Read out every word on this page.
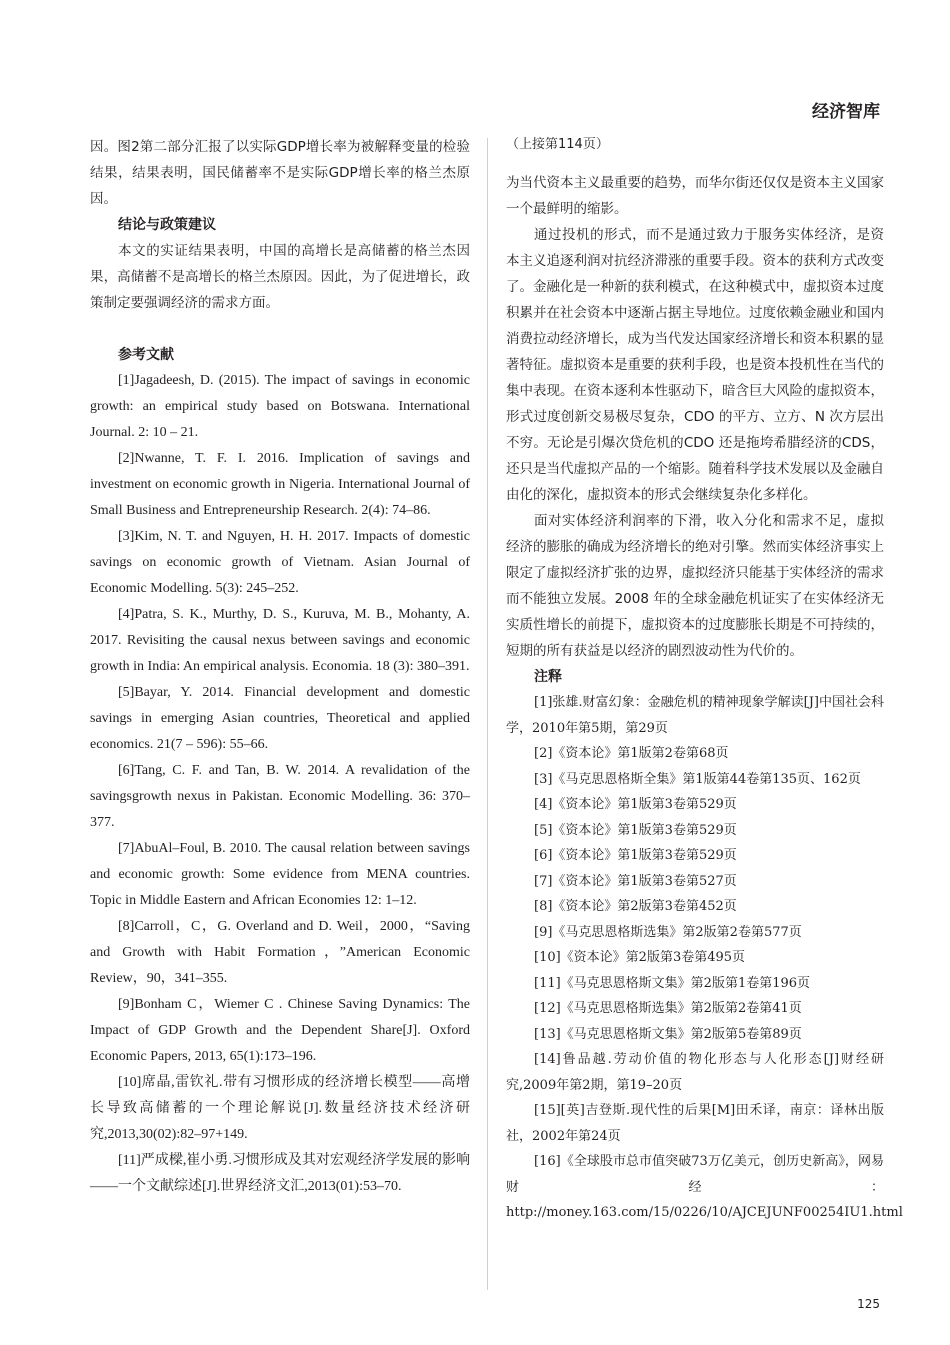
经济智库

因。图2第二部分汇报了以实际GDP增长率为被解释变量的检验结果，结果表明，国民储蓄率不是实际GDP增长率的格兰杰原因。

结论与政策建议

本文的实证结果表明，中国的高增长是高储蓄的格兰杰因果，高储蓄不是高增长的格兰杰原因。因此，为了促进增长，政策制定要强调经济的需求方面。

参考文献

[1]Jagadeesh, D. (2015). The impact of savings in economic growth: an empirical study based on Botswana. International Journal. 2: 10 – 21.

[2]Nwanne, T. F. I. 2016. Implication of savings and investment on economic growth in Nigeria. International Journal of Small Business and Entrepreneurship Research. 2(4): 74–86.

[3]Kim, N. T. and Nguyen, H. H. 2017. Impacts of domestic savings on economic growth of Vietnam. Asian Journal of Economic Modelling. 5(3): 245–252.

[4]Patra, S. K., Murthy, D. S., Kuruva, M. B., Mohanty, A. 2017. Revisiting the causal nexus between savings and economic growth in India: An empirical analysis. Economia. 18 (3): 380–391.

[5]Bayar, Y. 2014. Financial development and domestic savings in emerging Asian countries, Theoretical and applied economics. 21(7 – 596): 55–66.

[6]Tang, C. F. and Tan, B. W. 2014. A revalidation of the savingsgrowth nexus in Pakistan. Economic Modelling. 36: 370–377.

[7]AbuAl–Foul, B. 2010. The causal relation between savings and economic growth: Some evidence from MENA countries. Topic in Middle Eastern and African Economies 12: 1–12.

[8]Carroll，C，G. Overland and D. Weil，2000，“Saving and Growth with Habit Formation，”American Economic Review，90，341–355.

[9]Bonham C，Wiemer C . Chinese Saving Dynamics: The Impact of GDP Growth and the Dependent Share[J]. Oxford Economic Papers, 2013, 65(1):173–196.

[10]席晶,雷钦礼.带有习惯形成的经济增长模型——高增长导致高储蓄的一个理论解说[J].数量经济技术经济研究,2013,30(02):82–97+149.

[11]严成樑,崔小勇.习惯形成及其对宏观经济学发展的影响——一个文献综述[J].世界经济文汇,2013(01):53–70.

（上接第114页）

为当代资本主义最重要的趋势，而华尔街还仅仅是资本主义国家一个最鲜明的缩影。

通过投机的形式，而不是通过致力于服务实体经济，是资本主义追逐利润对抗经济滞涨的重要手段。资本的获利方式改变了。金融化是一种新的获利模式，在这种模式中，虚拟资本过度积累并在社会资本中逐渐占据主导地位。过度依赖金融业和国内消费拉动经济增长，成为当代发达国家经济增长和资本积累的显著特征。虚拟资本是重要的获利手段，也是资本投机性在当代的集中表现。在资本逐利本性驱动下，暗含巨大风险的虚拟资本，形式过度创新交易极尽复杂，CDO 的平方、立方、N 次方层出不穷。无论是引爆次贷危机的CDO 还是拖垮希腊经济的CDS，还只是当代虚拟产品的一个缩影。随着科学技术发展以及金融自由化的深化，虚拟资本的形式会继续复杂化多样化。

面对实体经济利润率的下滑，收入分化和需求不足，虚拟经济的膨胀的确成为经济增长的绝对引擎。然而实体经济事实上限定了虚拟经济扩张的边界，虚拟经济只能基于实体经济的需求而不能独立发展。2008 年的全球金融危机证实了在实体经济无实质性增长的前提下，虚拟资本的过度膨胀长期是不可持续的，短期的所有获益是以经济的剧烈波动性为代价的。

注释

[1]张雄.财富幻象：金融危机的精神现象学解读[J]中国社会科学，2010年第5期，第29页

[2]《资本论》第1版第2卷第68页

[3]《马克思恩格斯全集》第1版第44卷第135页、162页

[4]《资本论》第1版第3卷第529页

[5]《资本论》第1版第3卷第529页

[6]《资本论》第1版第3卷第529页

[7]《资本论》第1版第3卷第527页

[8]《资本论》第2版第3卷第452页

[9]《马克思恩格斯选集》第2版第2卷第577页

[10]《资本论》第2版第3卷第495页

[11]《马克思恩格斯文集》第2版第1卷第196页

[12]《马克思恩格斯选集》第2版第2卷第41页

[13]《马克思恩格斯文集》第2版第5卷第89页

[14]鲁品越.劳动价值的物化形态与人化形态[J]财经研究,2009年第2期，第19–20页

[15][英]吉登斯.现代性的后果[M]田禾译，南京：译林出版社，2002年第24页

[16]《全球股市总市值突破73万亿美元，创历史新高》，网易财经：http://money.163.com/15/0226/10/AJCEJUNF00254IU1.html

125
